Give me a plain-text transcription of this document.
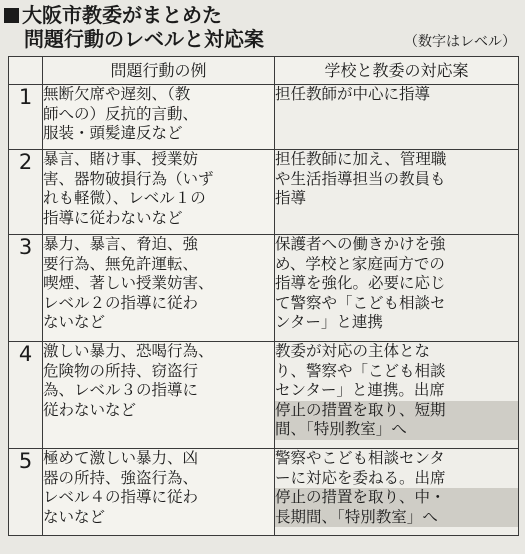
大阪市教委がまとめた
問題行動のレベルと対応案	（数字はレベル）
	問題行動の例	学校と教委の対応案
1	無断欠席や遅刻、（教
師への）反抗的言動、
服装・頭髪違反など	担任教師が中心に指導

2	暴言、賭け事、授業妨
害、器物破損行為（いず
れも軽微）、レベル１の
指導に従わないなど	担任教師に加え、管理職
や生活指導担当の教員も
指導

3	暴力、暴言、脅迫、強
要行為、無免許運転、
喫煙、著しい授業妨害、
レベル２の指導に従わ
ないなど	保護者への働きかけを強
め、学校と家庭両方での
指導を強化。必要に応じ
て警察や「こども相談セ
ンター」と連携

4	激しい暴力、恐喝行為、
危険物の所持、窃盗行
為、レベル３の指導に
従わないなど	教委が対応の主体とな
り、警察や「こども相談
センター」と連携。出席
停止の措置を取り、短期
間、「特別教室」へ

5	極めて激しい暴力、凶
器の所持、強盗行為、
レベル４の指導に従わ
ないなど	警察やこども相談センタ
ーに対応を委ねる。出席
停止の措置を取り、中・
長期間、「特別教室」へ
